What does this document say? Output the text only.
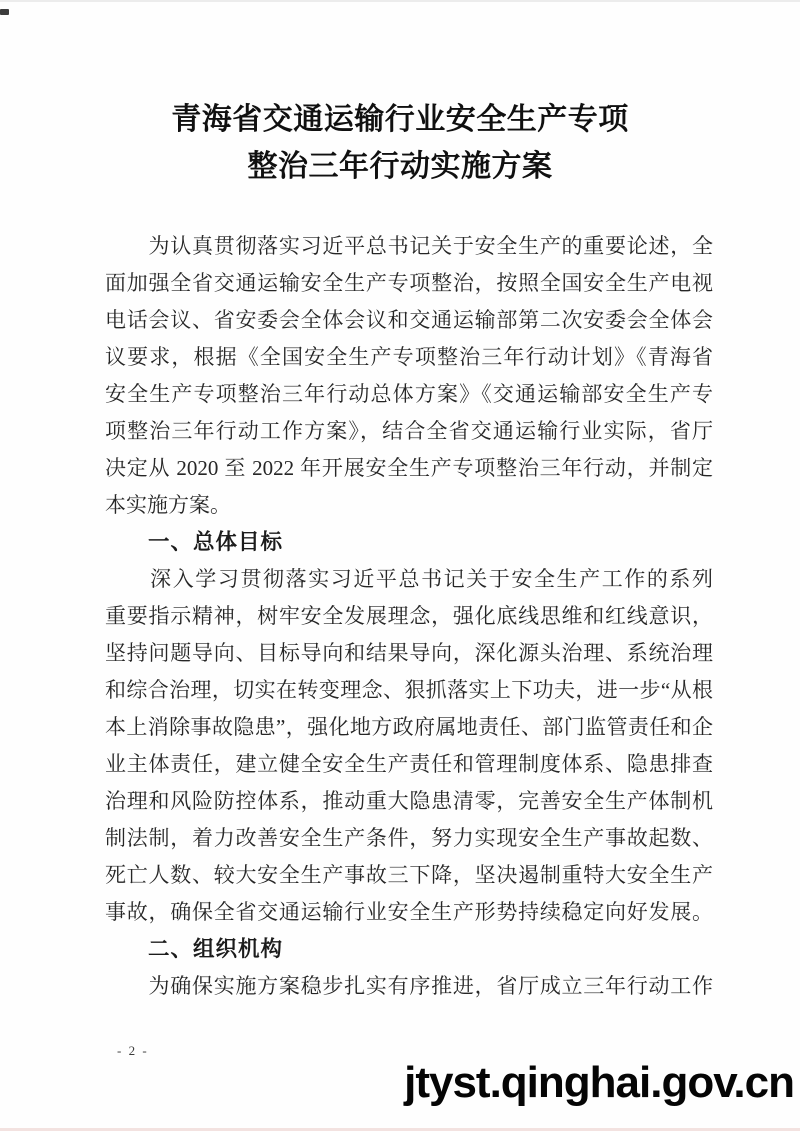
青海省交通运输行业安全生产专项
整治三年行动实施方案
　　为认真贯彻落实习近平总书记关于安全生产的重要论述，全
面加强全省交通运输安全生产专项整治，按照全国安全生产电视
电话会议、省安委会全体会议和交通运输部第二次安委会全体会
议要求，根据《全国安全生产专项整治三年行动计划》《青海省
安全生产专项整治三年行动总体方案》《交通运输部安全生产专
项整治三年行动工作方案》，结合全省交通运输行业实际，省厅
决定从 2020 至 2022 年开展安全生产专项整治三年行动，并制定
本实施方案。
一、总体目标
　　深入学习贯彻落实习近平总书记关于安全生产工作的系列
重要指示精神，树牢安全发展理念，强化底线思维和红线意识，
坚持问题导向、目标导向和结果导向，深化源头治理、系统治理
和综合治理，切实在转变理念、狠抓落实上下功夫，进一步“从根
本上消除事故隐患”，强化地方政府属地责任、部门监管责任和企
业主体责任，建立健全安全生产责任和管理制度体系、隐患排查
治理和风险防控体系，推动重大隐患清零，完善安全生产体制机
制法制，着力改善安全生产条件，努力实现安全生产事故起数、
死亡人数、较大安全生产事故三下降，坚决遏制重特大安全生产
事故，确保全省交通运输行业安全生产形势持续稳定向好发展。
二、组织机构
　　为确保实施方案稳步扎实有序推进，省厅成立三年行动工作
- 2 -
jtyst.qinghai.gov.cn
